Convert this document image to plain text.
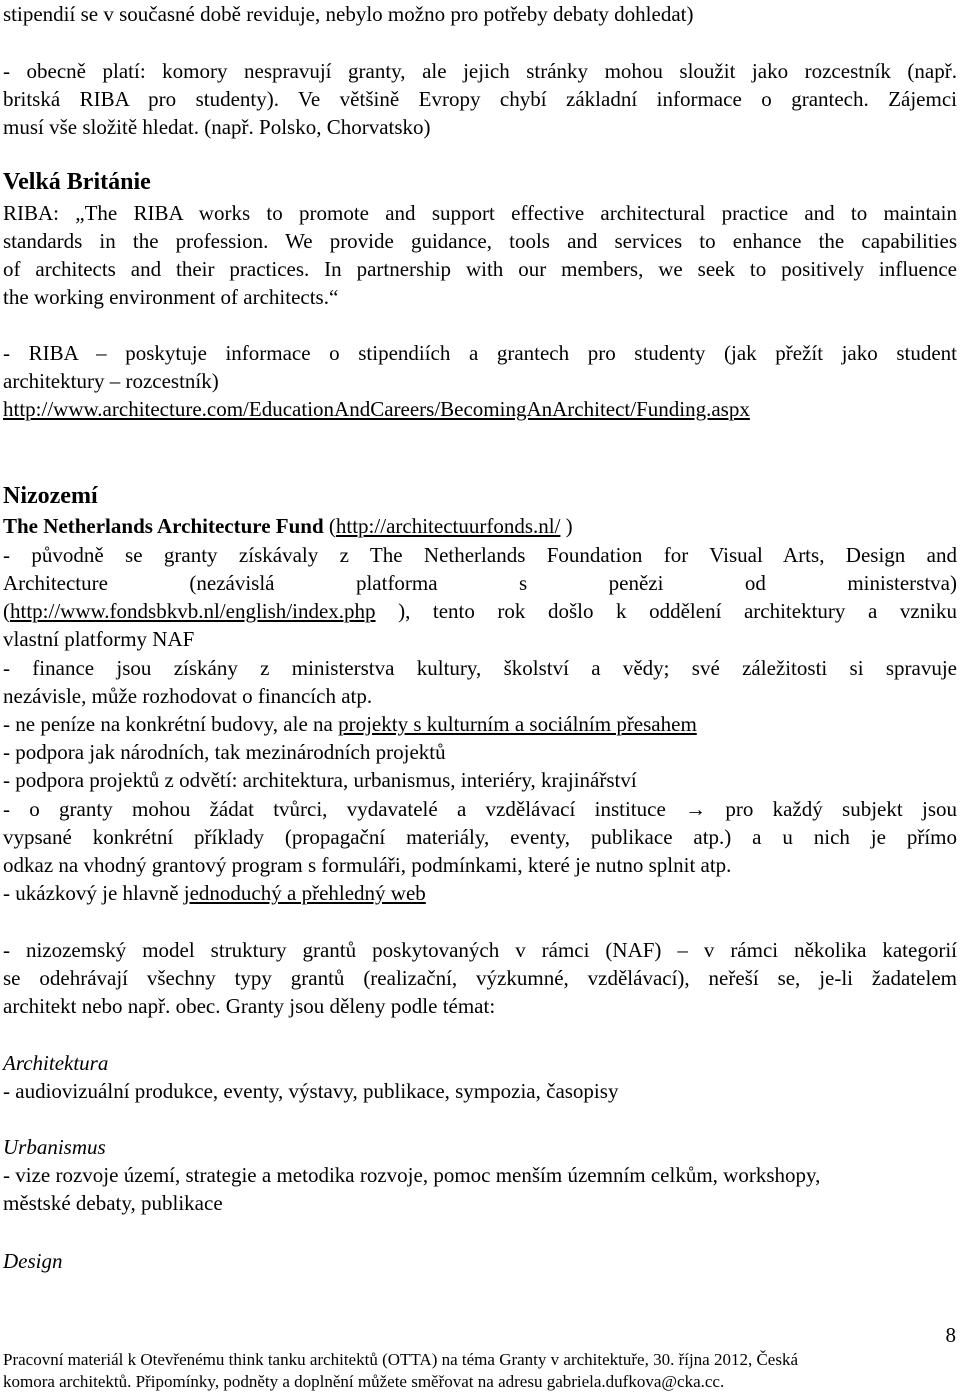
stipendií se v současné době reviduje, nebylo možno pro potřeby debaty dohledat)
- obecně platí: komory nespravují granty, ale jejich stránky mohou sloužit jako rozcestník (např.
britská RIBA pro studenty). Ve většině Evropy chybí základní informace o grantech. Zájemci
musí vše složitě hledat. (např. Polsko, Chorvatsko)
Velká Británie
RIBA: „The RIBA works to promote and support effective architectural practice and to maintain
standards in the profession. We provide guidance, tools and services to enhance the capabilities
of architects and their practices. In partnership with our members, we seek to positively influence
the working environment of architects.“
- RIBA – poskytuje informace o stipendiích a grantech pro studenty (jak přežít jako student
architektury – rozcestník)
http://www.architecture.com/EducationAndCareers/BecomingAnArchitect/Funding.aspx
Nizozemí
The Netherlands Architecture Fund (http://architectuurfonds.nl/ )
- původně se granty získávaly z The Netherlands Foundation for Visual Arts, Design and
Architecture (nezávislá platforma s penězi od ministerstva)
(http://www.fondsbkvb.nl/english/index.php ), tento rok došlo k oddělení architektury a vzniku
vlastní platformy NAF
- finance jsou získány z ministerstva kultury, školství a vědy; své záležitosti si spravuje
nezávisle, může rozhodovat o financích atp.
- ne peníze na konkrétní budovy, ale na projekty s kulturním a sociálním přesahem
- podpora jak národních, tak mezinárodních projektů
- podpora projektů z odvětí: architektura, urbanismus, interiéry, krajinářství
- o granty mohou žádat tvůrci, vydavatelé a vzdělávací instituce → pro každý subjekt jsou
vypsané konkrétní příklady (propagační materiály, eventy, publikace atp.) a u nich je přímo
odkaz na vhodný grantový program s formuláři, podmínkami, které je nutno splnit atp.
- ukázkový je hlavně jednoduchý a přehledný web
- nizozemský model struktury grantů poskytovaných v rámci (NAF) – v rámci několika kategorií
se odehrávají všechny typy grantů (realizační, výzkumné, vzdělávací), neřeší se, je-li žadatelem
architekt nebo např. obec. Granty jsou děleny podle témat:
Architektura
- audiovizuální produkce, eventy, výstavy, publikace, sympozia, časopisy
Urbanismus
- vize rozvoje území, strategie a metodika rozvoje, pomoc menším územním celkům, workshopy,
městské debaty, publikace
Design
8
Pracovní materiál k Otevřenému think tanku architektů (OTTA) na téma Granty v architektuře, 30. října 2012, Česká
komora architektů. Připomínky, podněty a doplnění můžete směřovat na adresu gabriela.dufkova@cka.cc.
